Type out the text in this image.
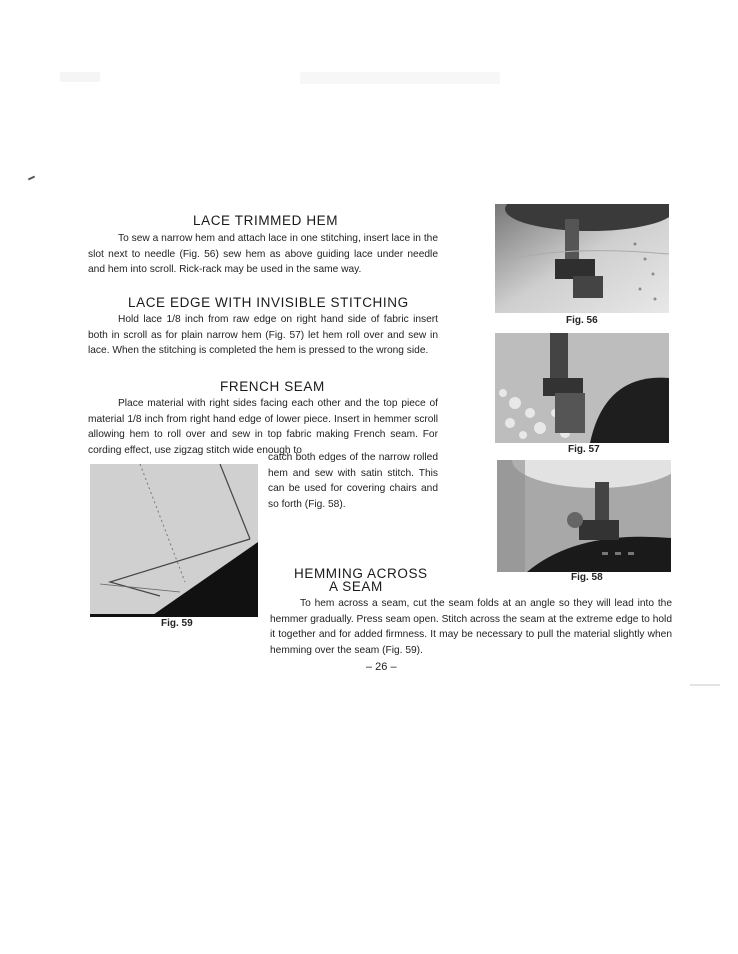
LACE TRIMMED HEM

To sew a narrow hem and attach lace in one stitching, insert lace in the slot next to needle (Fig. 56) sew hem as above guiding lace under needle and hem into scroll. Rick-rack may be used in the same way.

LACE EDGE WITH INVISIBLE STITCHING

Hold lace 1/8 inch from raw edge on right hand side of fabric insert both in scroll as for plain narrow hem (Fig. 57) let hem roll over and sew in lace. When the stitching is completed the hem is pressed to the wrong side.

FRENCH SEAM

Place material with right sides facing each other and the top piece of material 1/8 inch from right hand edge of lower piece. Insert in hemmer scroll allowing hem to roll over and sew in top fabric making French seam. For cording effect, use zigzag stitch wide enough to

catch both edges of the narrow rolled hem and sew with satin stitch. This can be used for covering chairs and so forth (Fig. 58).

Fig. 59
Fig. 56
Fig. 57
Fig. 58
HEMMING ACROSS
A SEAM

To hem across a seam, cut the seam folds at an angle so they will lead into the hemmer gradually. Press seam open. Stitch across the seam at the extreme edge to hold it together and for added firmness. It may be necessary to pull the material slightly when hemming over the seam (Fig. 59).

– 26 –
